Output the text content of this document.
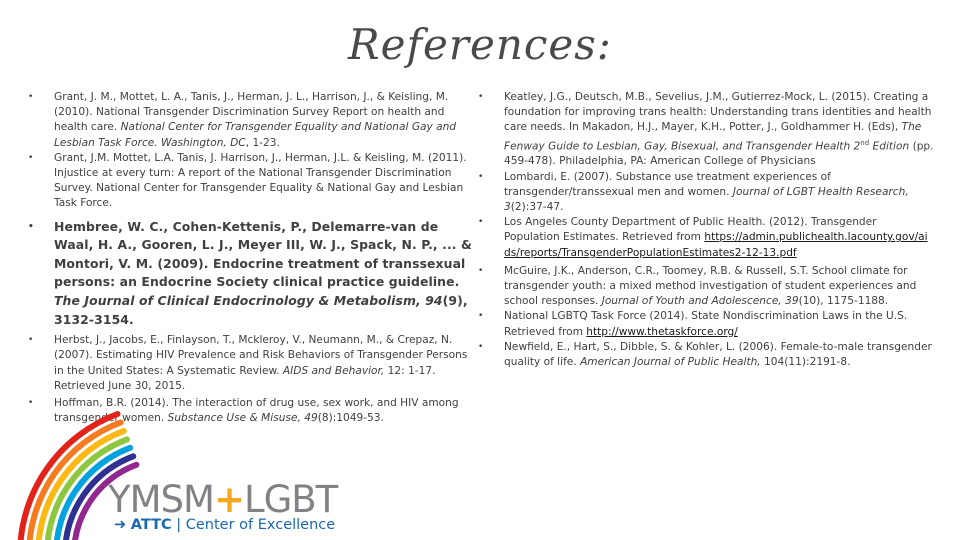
References:
• Grant, J. M., Mottet, L. A., Tanis, J., Herman, J. L., Harrison, J., & Keisling, M. (2010). National Transgender Discrimination Survey Report on health and health care. National Center for Transgender Equality and National Gay and Lesbian Task Force. Washington, DC, 1-23.
• Grant, J.M. Mottet, L.A. Tanis, J. Harrison, J., Herman, J.L. & Keisling, M. (2011). Injustice at every turn: A report of the National Transgender Discrimination Survey. National Center for Transgender Equality & National Gay and Lesbian Task Force.
• Hembree, W. C., Cohen-Kettenis, P., Delemarre-van de Waal, H. A., Gooren, L. J., Meyer III, W. J., Spack, N. P., ... & Montori, V. M. (2009). Endocrine treatment of transsexual persons: an Endocrine Society clinical practice guideline. The Journal of Clinical Endocrinology & Metabolism, 94(9), 3132-3154.
• Herbst, J., Jacobs, E., Finlayson, T., Mckleroy, V., Neumann, M., & Crepaz, N. (2007). Estimating HIV Prevalence and Risk Behaviors of Transgender Persons in the United States: A Systematic Review. AIDS and Behavior, 12: 1-17. Retrieved June 30, 2015.
• Hoffman, B.R. (2014). The interaction of drug use, sex work, and HIV among transgender women. Substance Use & Misuse, 49(8):1049-53.
• Keatley, J.G., Deutsch, M.B., Sevelius, J.M., Gutierrez-Mock, L. (2015). Creating a foundation for improving trans health: Understanding trans identities and health care needs. In Makadon, H.J., Mayer, K.H., Potter, J., Goldhammer H. (Eds), The Fenway Guide to Lesbian, Gay, Bisexual, and Transgender Health 2nd Edition (pp. 459-478). Philadelphia, PA: American College of Physicians
• Lombardi, E. (2007). Substance use treatment experiences of transgender/transsexual men and women. Journal of LGBT Health Research, 3(2):37-47.
• Los Angeles County Department of Public Health. (2012). Transgender Population Estimates. Retrieved from https://admin.publichealth.lacounty.gov/aids/reports/TransgenderPopulationEstimates2-12-13.pdf
• McGuire, J.K., Anderson, C.R., Toomey, R.B. & Russell, S.T. School climate for transgender youth: a mixed method investigation of student experiences and school responses. Journal of Youth and Adolescence, 39(10), 1175-1188.
• National LGBTQ Task Force (2014). State Nondiscrimination Laws in the U.S. Retrieved from http://www.thetaskforce.org/
• Newfield, E., Hart, S., Dibble, S. & Kohler, L. (2006). Female-to-male transgender quality of life. American Journal of Public Health, 104(11):2191-8.
YMSM+LGBT
➜ ATTC | Center of Excellence
